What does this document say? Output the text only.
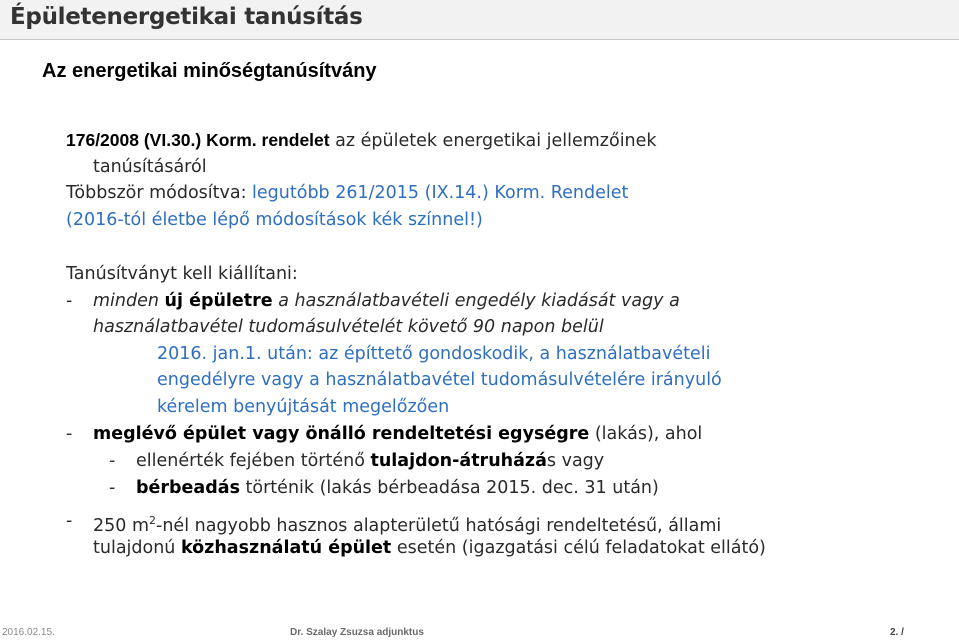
Épületenergetikai tanúsítás
Az energetikai minőségtanúsítvány
176/2008 (VI.30.) Korm. rendelet az épületek energetikai jellemzőinek
tanúsításáról
Többször módosítva: legutóbb 261/2015 (IX.14.) Korm. Rendelet
(2016-tól életbe lépő módosítások kék színnel!)
Tanúsítványt kell kiállítani:
- minden új épületre a használatbavételi engedély kiadását vagy a
használatbavétel tudomásulvételét követő 90 napon belül
2016. jan.1. után: az építtető gondoskodik, a használatbavételi
engedélyre vagy a használatbavétel tudomásulvételére irányuló
kérelem benyújtását megelőzően
- meglévő épület vagy önálló rendeltetési egységre (lakás), ahol
- ellenérték fejében történő tulajdon-átruházás vagy
- bérbeadás történik (lakás bérbeadása 2015. dec. 31 után)
- 250 $m^2$-nél nagyobb hasznos alapterületű hatósági rendeltetésű, állami
tulajdonú közhasználatú épület esetén (igazgatási célú feladatokat ellátó)
2016.02.15.	Dr. Szalay Zsuzsa adjunktus	2. /
